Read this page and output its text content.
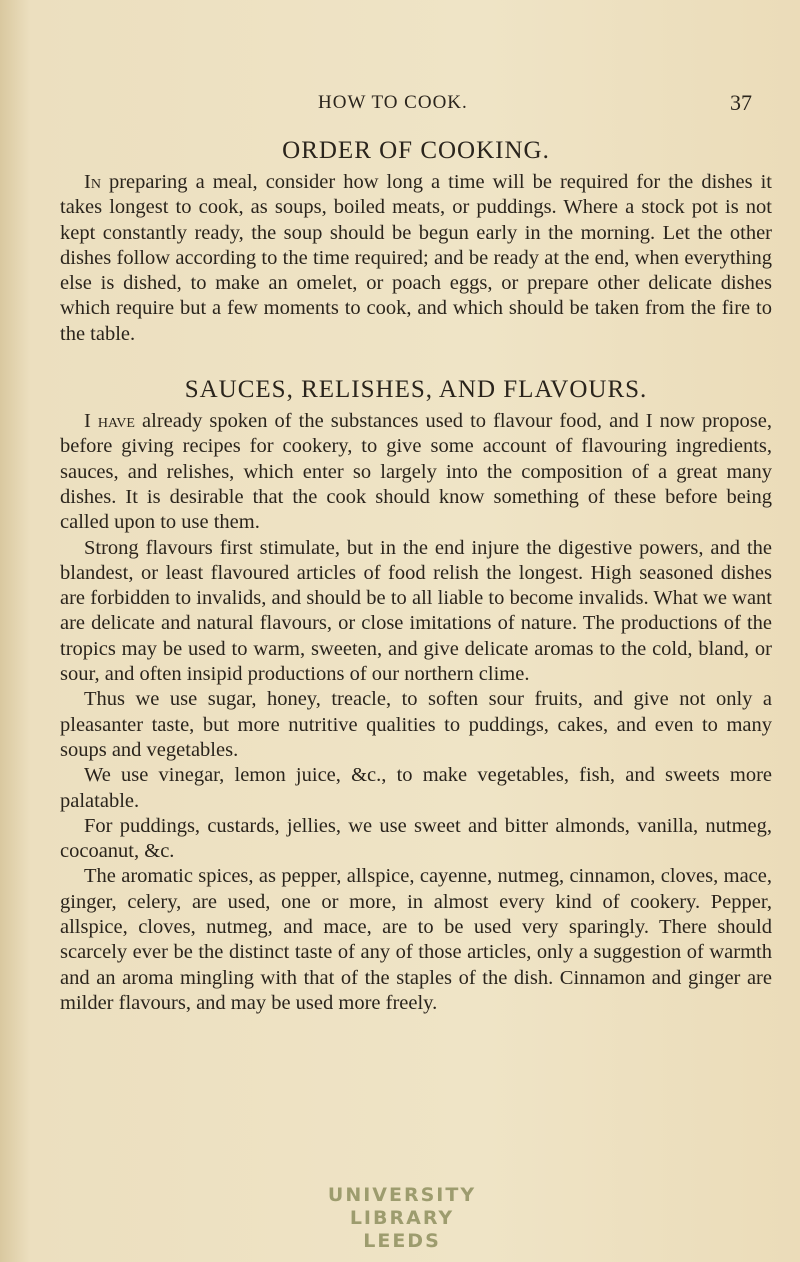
HOW TO COOK.	37
ORDER OF COOKING.

In preparing a meal, consider how long a time will be required for the dishes it takes longest to cook, as soups, boiled meats, or puddings. Where a stock pot is not kept constantly ready, the soup should be begun early in the morning. Let the other dishes follow according to the time required; and be ready at the end, when everything else is dished, to make an omelet, or poach eggs, or prepare other delicate dishes which require but a few moments to cook, and which should be taken from the fire to the table.

SAUCES, RELISHES, AND FLAVOURS.

I have already spoken of the substances used to flavour food, and I now propose, before giving recipes for cookery, to give some account of flavouring ingredients, sauces, and relishes, which enter so largely into the composition of a great many dishes. It is desirable that the cook should know something of these before being called upon to use them.

Strong flavours first stimulate, but in the end injure the digestive powers, and the blandest, or least flavoured articles of food relish the longest. High seasoned dishes are forbidden to invalids, and should be to all liable to become invalids. What we want are delicate and natural flavours, or close imitations of nature. The productions of the tropics may be used to warm, sweeten, and give delicate aromas to the cold, bland, or sour, and often insipid productions of our northern clime.

Thus we use sugar, honey, treacle, to soften sour fruits, and give not only a pleasanter taste, but more nutritive qualities to puddings, cakes, and even to many soups and vegetables.

We use vinegar, lemon juice, &c., to make vegetables, fish, and sweets more palatable.

For puddings, custards, jellies, we use sweet and bitter almonds, vanilla, nutmeg, cocoanut, &c.

The aromatic spices, as pepper, allspice, cayenne, nutmeg, cinnamon, cloves, mace, ginger, celery, are used, one or more, in almost every kind of cookery. Pepper, allspice, cloves, nutmeg, and mace, are to be used very sparingly. There should scarcely ever be the distinct taste of any of those articles, only a suggestion of warmth and an aroma mingling with that of the staples of the dish. Cinnamon and ginger are milder flavours, and may be used more freely.

UNIVERSITY
LIBRARY
LEEDS
